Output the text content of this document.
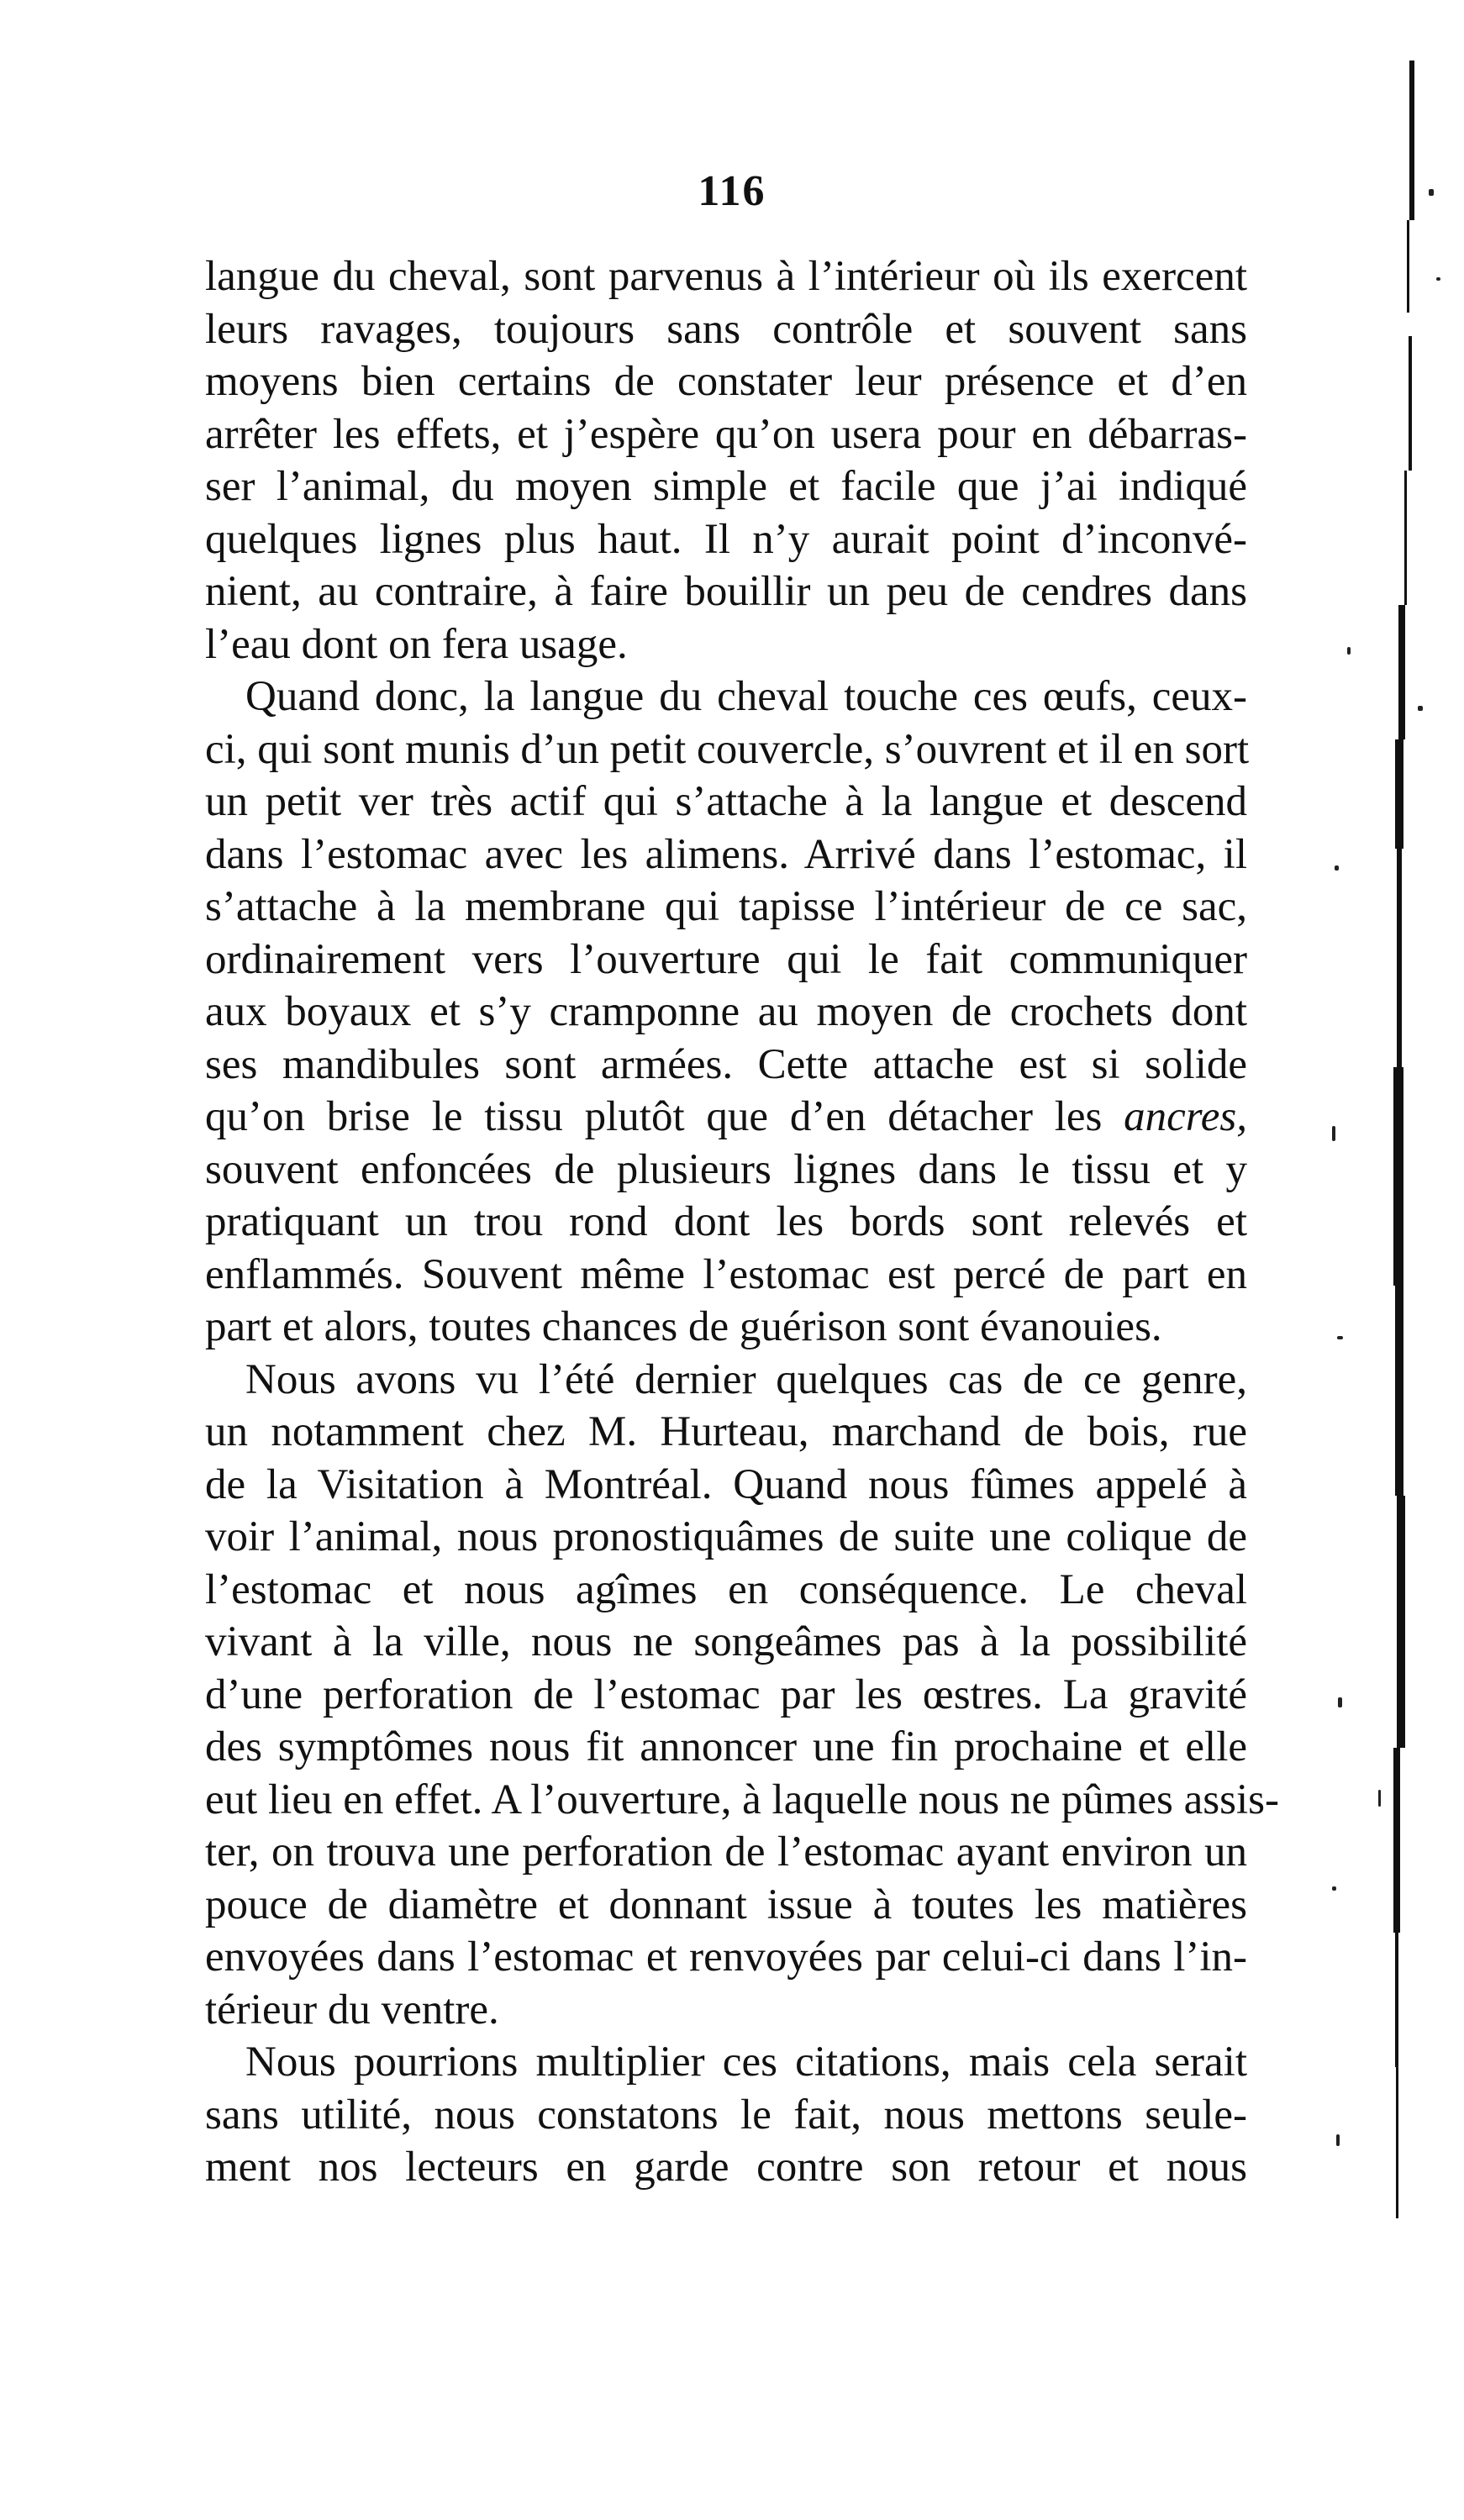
116
langue du cheval, sont parvenus à l’intérieur où ils exercent
leurs ravages, toujours sans contrôle et souvent sans
moyens bien certains de constater leur présence et d’en
arrêter les effets, et j’espère qu’on usera pour en débarras-
ser l’animal, du moyen simple et facile que j’ai indiqué
quelques lignes plus haut. Il n’y aurait point d’inconvé-
nient, au contraire, à faire bouillir un peu de cendres dans
l’eau dont on fera usage.
Quand donc, la langue du cheval touche ces œufs, ceux-
ci, qui sont munis d’un petit couvercle, s’ouvrent et il en sort
un petit ver très actif qui s’attache à la langue et descend
dans l’estomac avec les alimens. Arrivé dans l’estomac, il
s’attache à la membrane qui tapisse l’intérieur de ce sac,
ordinairement vers l’ouverture qui le fait communiquer
aux boyaux et s’y cramponne au moyen de crochets dont
ses mandibules sont armées. Cette attache est si solide
qu’on brise le tissu plutôt que d’en détacher les ancres,
souvent enfoncées de plusieurs lignes dans le tissu et y
pratiquant un trou rond dont les bords sont relevés et
enflammés. Souvent même l’estomac est percé de part en
part et alors, toutes chances de guérison sont évanouies.
Nous avons vu l’été dernier quelques cas de ce genre,
un notamment chez M. Hurteau, marchand de bois, rue
de la Visitation à Montréal. Quand nous fûmes appelé à
voir l’animal, nous pronostiquâmes de suite une colique de
l’estomac et nous agîmes en conséquence. Le cheval
vivant à la ville, nous ne songeâmes pas à la possibilité
d’une perforation de l’estomac par les œstres. La gravité
des symptômes nous fit annoncer une fin prochaine et elle
eut lieu en effet. A l’ouverture, à laquelle nous ne pûmes assis-
ter, on trouva une perforation de l’estomac ayant environ un
pouce de diamètre et donnant issue à toutes les matières
envoyées dans l’estomac et renvoyées par celui-ci dans l’in-
térieur du ventre.
Nous pourrions multiplier ces citations, mais cela serait
sans utilité, nous constatons le fait, nous mettons seule-
ment nos lecteurs en garde contre son retour et nous
